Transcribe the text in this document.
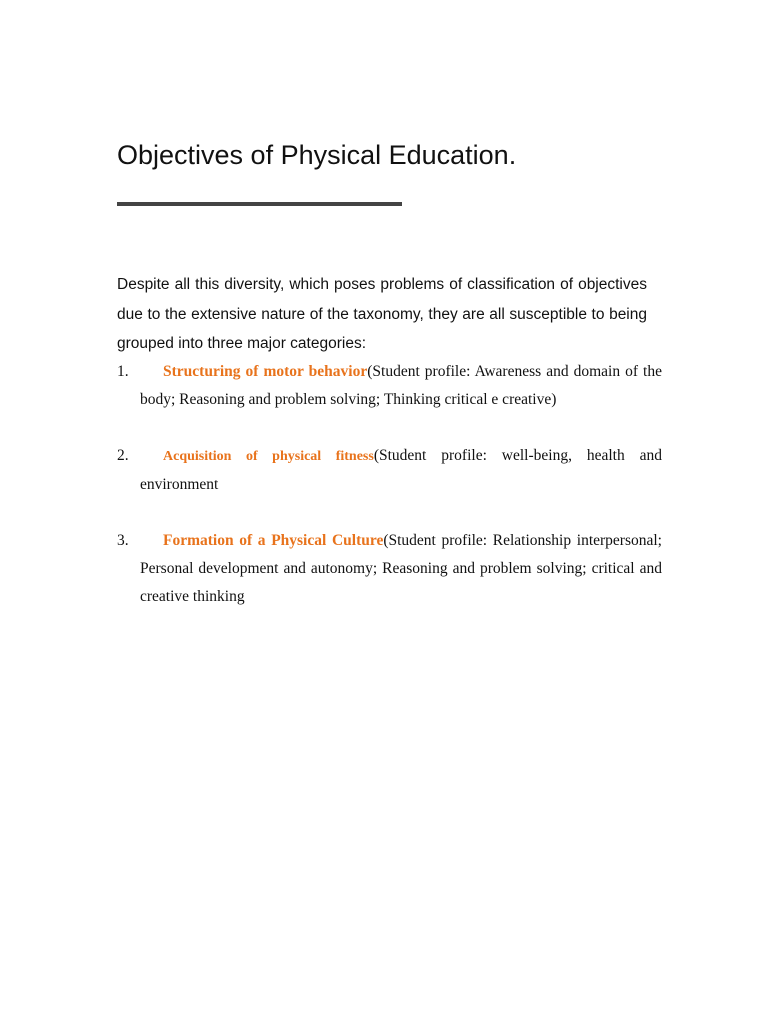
Objectives of Physical Education.

Despite all this diversity, which poses problems of classification of objectives due to the extensive nature of the taxonomy, they are all susceptible to being grouped into three major categories:

1. Structuring of motor behavior(Student profile: Awareness and domain of the body; Reasoning and problem solving; Thinking critical e creative)
2. Acquisition of physical fitness(Student profile: well-being, health and environment
3. Formation of a Physical Culture(Student profile: Relationship interpersonal; Personal development and autonomy; Reasoning and problem solving; critical and creative thinking
